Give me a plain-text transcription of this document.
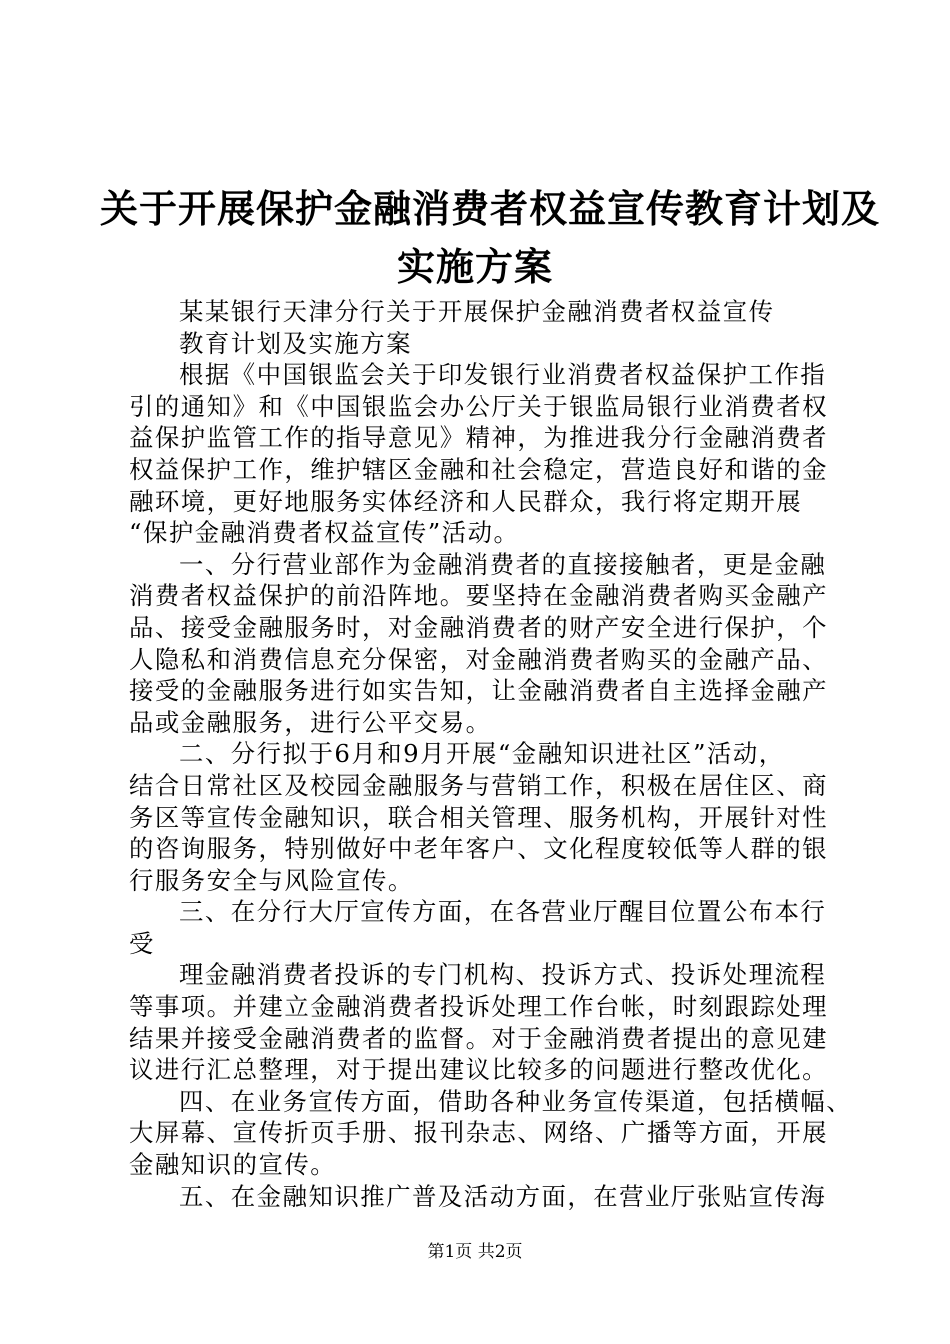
关于开展保护金融消费者权益宣传教育计划及
实施方案
某某银行天津分行关于开展保护金融消费者权益宣传
教育计划及实施方案
根据《中国银监会关于印发银行业消费者权益保护工作指
引的通知》和《中国银监会办公厅关于银监局银行业消费者权
益保护监管工作的指导意见》精神，为推进我分行金融消费者
权益保护工作，维护辖区金融和社会稳定，营造良好和谐的金
融环境，更好地服务实体经济和人民群众，我行将定期开展
“保护金融消费者权益宣传”活动。
一、分行营业部作为金融消费者的直接接触者，更是金融
消费者权益保护的前沿阵地。要坚持在金融消费者购买金融产
品、接受金融服务时，对金融消费者的财产安全进行保护，个
人隐私和消费信息充分保密，对金融消费者购买的金融产品、
接受的金融服务进行如实告知，让金融消费者自主选择金融产
品或金融服务，进行公平交易。
二、分行拟于6月和9月开展“金融知识进社区”活动，
结合日常社区及校园金融服务与营销工作，积极在居住区、商
务区等宣传金融知识，联合相关管理、服务机构，开展针对性
的咨询服务，特别做好中老年客户、文化程度较低等人群的银
行服务安全与风险宣传。
三、在分行大厅宣传方面，在各营业厅醒目位置公布本行
受
理金融消费者投诉的专门机构、投诉方式、投诉处理流程
等事项。并建立金融消费者投诉处理工作台帐，时刻跟踪处理
结果并接受金融消费者的监督。对于金融消费者提出的意见建
议进行汇总整理，对于提出建议比较多的问题进行整改优化。
四、在业务宣传方面，借助各种业务宣传渠道，包括横幅、
大屏幕、宣传折页手册、报刊杂志、网络、广播等方面，开展
金融知识的宣传。
五、在金融知识推广普及活动方面，在营业厅张贴宣传海
第1页 共2页
